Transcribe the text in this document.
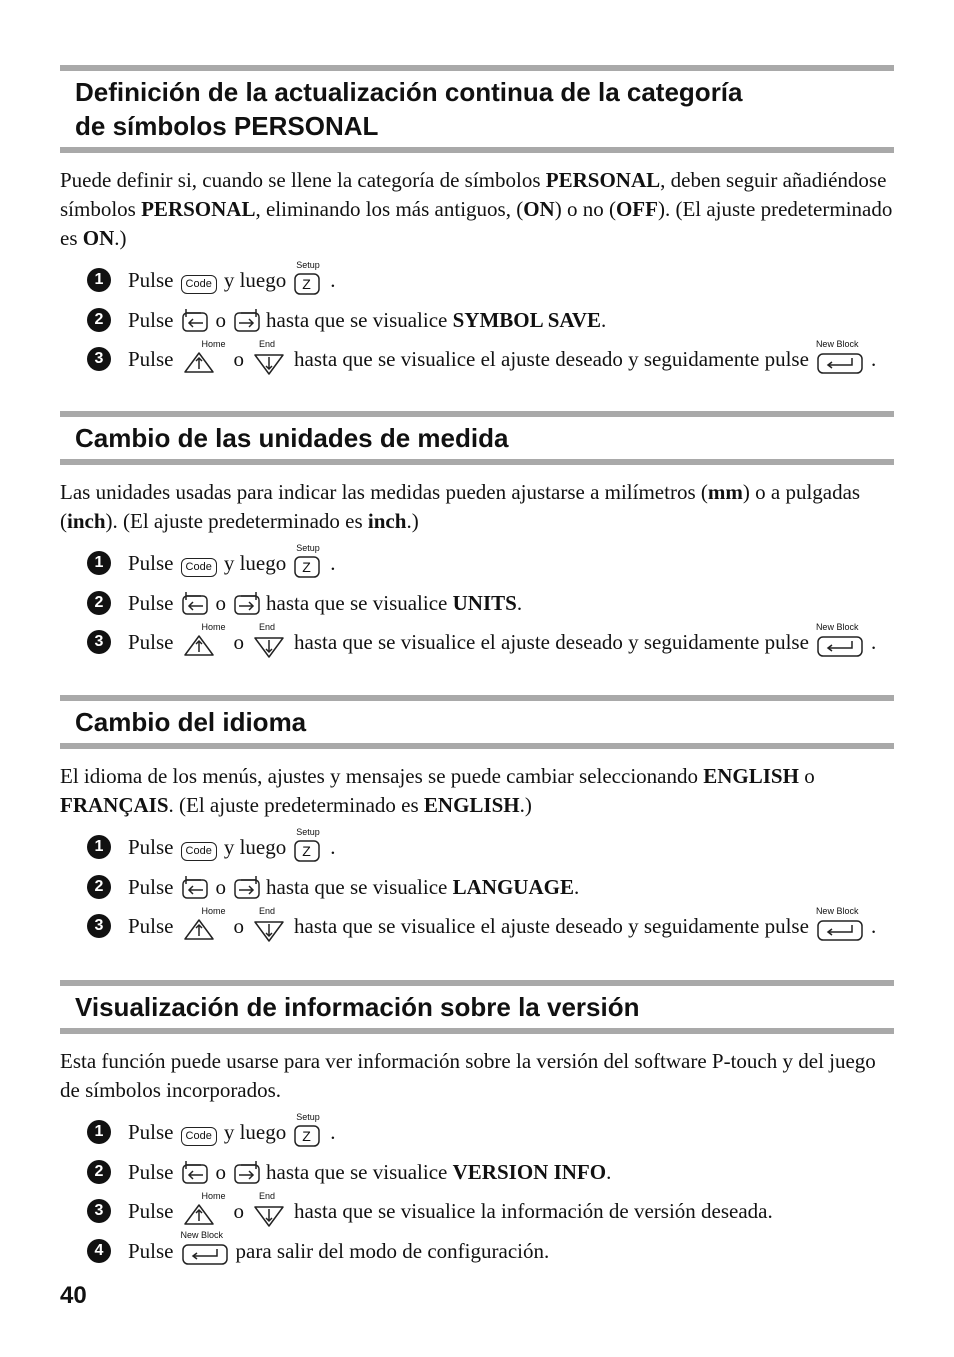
Definición de la actualización continua de la categoría
de símbolos PERSONAL
Puede definir si, cuando se llene la categoría de símbolos PERSONAL, deben seguir añadiéndose símbolos PERSONAL, eliminando los más antiguos, (ON) o no (OFF). (El ajuste predeterminado es ON.)
1	Pulse	Code y luego
Setup
Z .
2	Pulse o hasta que se visualice SYMBOL SAVE.
3	Pulse
Home
o
End
hasta que se visualice el ajuste deseado y seguidamente pulse
New Block
.
Cambio de las unidades de medida
Las unidades usadas para indicar las medidas pueden ajustarse a milímetros (mm) o a pulgadas (inch). (El ajuste predeterminado es inch.)
1	Pulse	Code y luego
Setup
Z .
2	Pulse o hasta que se visualice UNITS.
3	Pulse
Home
o
End
hasta que se visualice el ajuste deseado y seguidamente pulse
New Block
.
Cambio del idioma
El idioma de los menús, ajustes y mensajes se puede cambiar seleccionando ENGLISH o FRANÇAIS. (El ajuste predeterminado es ENGLISH.)
1	Pulse	Code y luego
Setup
Z .
2	Pulse o hasta que se visualice LANGUAGE.
3	Pulse
Home
o
End
hasta que se visualice el ajuste deseado y seguidamente pulse
New Block
.
Visualización de información sobre la versión
Esta función puede usarse para ver información sobre la versión del software P-touch y del juego de símbolos incorporados.
1	Pulse	Code y luego
Setup
Z .
2	Pulse o hasta que se visualice VERSION INFO.
3	Pulse
Home
o
End
hasta que se visualice la información de versión deseada.
4	Pulse
New Block
para salir del modo de configuración.
40
